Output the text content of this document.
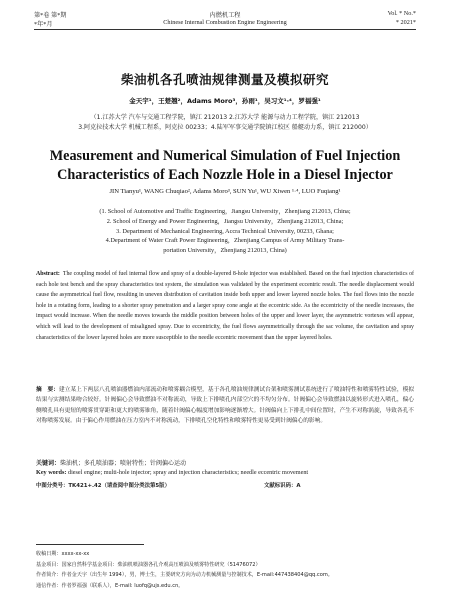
第*卷 第*期	内燃机工程	Vol. * No.*
*年*月	Chinese Internal Combustion Engine Engineering	* 2021*
柴油机各孔喷油规律测量及模拟研究
金天宇¹，王楚翘²，Adams Moro³，孙雨¹，吴习文¹·⁴，罗福强¹
（1.江苏大学 汽车与交通工程学院，镇江 212013 2.江苏大学 能源与动力工程学院，镇江 212013
3.阿克拉技术大学 机械工程系，阿克拉 00233；4.陆军军事交通学院镇江校区 船艇动力系，镇江 212000）
Measurement and Numerical Simulation of Fuel Injection Characteristics of Each Nozzle Hole in a Diesel Injector
JIN Tianyu¹, WANG Chuqiao², Adams Moro³, SUN Yu¹, WU Xiwen ¹·⁴, LUO Fuqiang¹
(1. School of Automotive and Traffic Engineering，Jiangsu University，Zhenjiang 212013, China;
2. School of Energy and Power Engineering，Jiangsu University，Zhenjiang 212013, China;
3. Department of Mechanical Engineering, Accra Technical University, 00233, Ghana;
4.Department of Water Craft Power Engineering，Zhenjiang Campus of Army Military Trans-
portation University，Zhenjiang 212013, China)
Abstract: The coupling model of fuel internal flow and spray of a double-layered 8-hole injector was established. Based on the fuel injection characteristics of each hole test bench and the spray characteristics test system, the simulation was validated by the experiment eccentric result. The needle displacement would cause the asymmetrical fuel flow, resulting in uneven distribution of cavitation inside both upper and lower layered nozzle holes. The fuel flows into the nozzle hole in a rotating form, leading to a shorter spray penetration and a larger spray cone angle at the eccentric side. As the eccentricity of the needle increases, the impact would increase. When the needle moves towards the middle position between holes of the upper and lower layer, the asymmetric vortexes will appear, which will lead to the development of misaligned spray. Due to eccentricity, the fuel flows asymmetrically through the sac volume, the cavitation and spray characteristics of the lower layered holes are more susceptible to the needle eccentric movement than the upper layered holes.
摘　要：建立某上下两层八孔喷油器燃油内部流动和喷雾耦合模型，基于各孔喷油规律测试台架和喷雾测试系统进行了喷油特性和喷雾特性试验，模拟结果与实测结果吻合较好。针阀偏心会导致燃油不对称流动，导致上下排喷孔内部空穴的不均匀分布。针阀偏心会导致燃油以旋转形式进入喷孔，偏心侧喷孔具有更短的喷雾贯穿距和更大的喷雾锥角，随着针阀偏心幅度增加影响逐渐增大。针阀偏向上下排孔中间位置时，产生不对称涡旋，导致各孔不对称喷雾发展。由于偏心作用燃油在压力室内不对称流动，下排喷孔空化特性和喷雾特性更易受到针阀偏心的影响。
关键词：柴油机；多孔喷油器；喷射特性；针阀偏心运动
Key words: diesel engine; multi-hole injector; spray and injection characteristics; needle eccentric movement
中图分类号：TK421+.42（请查阅中图分类法第5版）	文献标识码：A
收稿日期：xxxx-xx-xx
基金项目：国家自然科学基金项目：柴油机喷油器各孔介观高压喷油及喷雾特性研究（51476072）
作者简介：作者金天宇（出生年 1994），男，博士生，主要研究方向为动力机械测量与控制技术，E-mail:447438404@qq.com。
通信作者：作者罗福强（联系人），E-mail: luofq@ujs.edu.cn。
